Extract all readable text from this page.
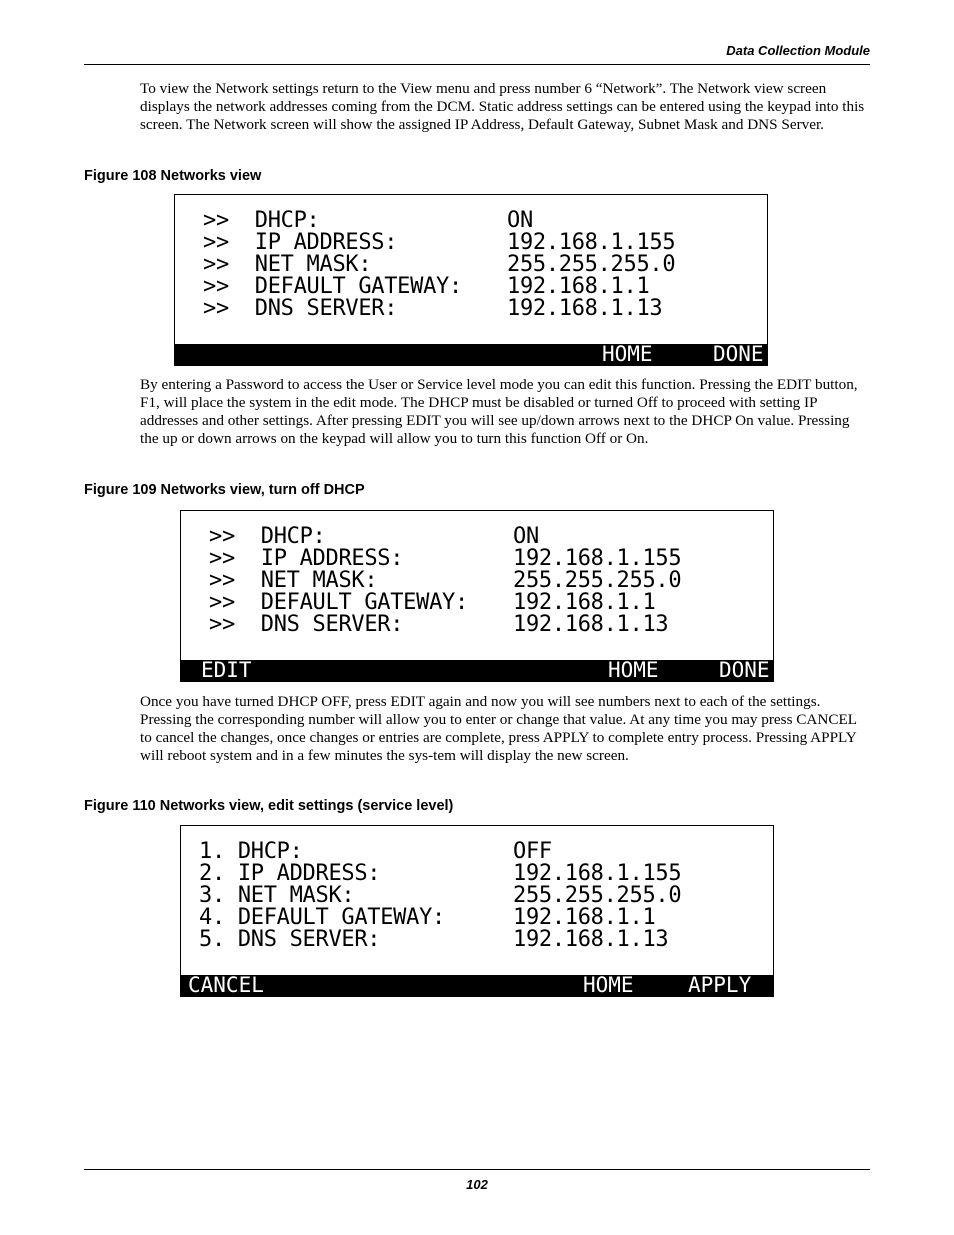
Data Collection Module

To view the Network settings return to the View menu and press number 6 “Network”. The Network view screen displays the network addresses coming from the DCM. Static address settings can be entered using the keypad into this screen. The Network screen will show the assigned IP Address, Default Gateway, Subnet Mask and DNS Server.

Figure 108 Networks view

>>  DHCP:	ON
>>  IP ADDRESS:	192.168.1.155
>>  NET MASK:	255.255.255.0
>>  DEFAULT GATEWAY: 192.168.1.1
>>  DNS SERVER:	192.168.1.13
HOME	DONE

By entering a Password to access the User or Service level mode you can edit this function. Pressing the EDIT button, F1, will place the system in the edit mode. The DHCP must be disabled or turned Off to proceed with setting IP addresses and other settings. After pressing EDIT you will see up/down arrows next to the DHCP On value. Pressing the up or down arrows on the keypad will allow you to turn this function Off or On.

Figure 109 Networks view, turn off DHCP

>>  DHCP:	ON
>>  IP ADDRESS:	192.168.1.155
>>  NET MASK:	255.255.255.0
>>  DEFAULT GATEWAY: 192.168.1.1
>>  DNS SERVER:	192.168.1.13
EDIT	HOME	DONE

Once you have turned DHCP OFF, press EDIT again and now you will see numbers next to each of the settings. Pressing the corresponding number will allow you to enter or change that value. At any time you may press CANCEL to cancel the changes, once changes or entries are complete, press APPLY to complete entry process. Pressing APPLY will reboot system and in a few minutes the sys-tem will display the new screen.

Figure 110 Networks view, edit settings (service level)

1. DHCP:	OFF
2. IP ADDRESS:	192.168.1.155
3. NET MASK:	255.255.255.0
4. DEFAULT GATEWAY:	192.168.1.1
5. DNS SERVER:	192.168.1.13
CANCEL	HOME	APPLY
102
